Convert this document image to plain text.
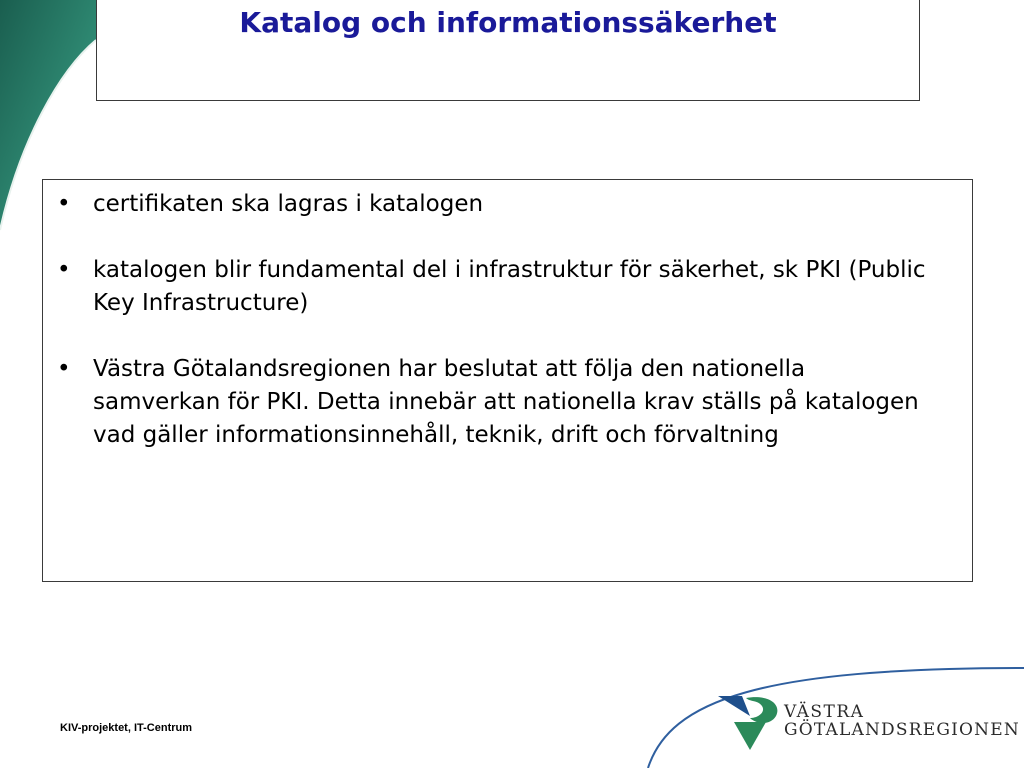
Katalog och informationssäkerhet
• certifikaten ska lagras i katalogen
• katalogen blir fundamental del i infrastruktur för säkerhet, sk PKI (Public Key Infrastructure)
• Västra Götalandsregionen har beslutat att följa den nationella samverkan för PKI. Detta innebär att nationella krav ställs på katalogen vad gäller informationsinnehåll, teknik, drift och förvaltning
KIV-projektet, IT-Centrum
VÄSTRA
GÖTALANDSREGIONEN
